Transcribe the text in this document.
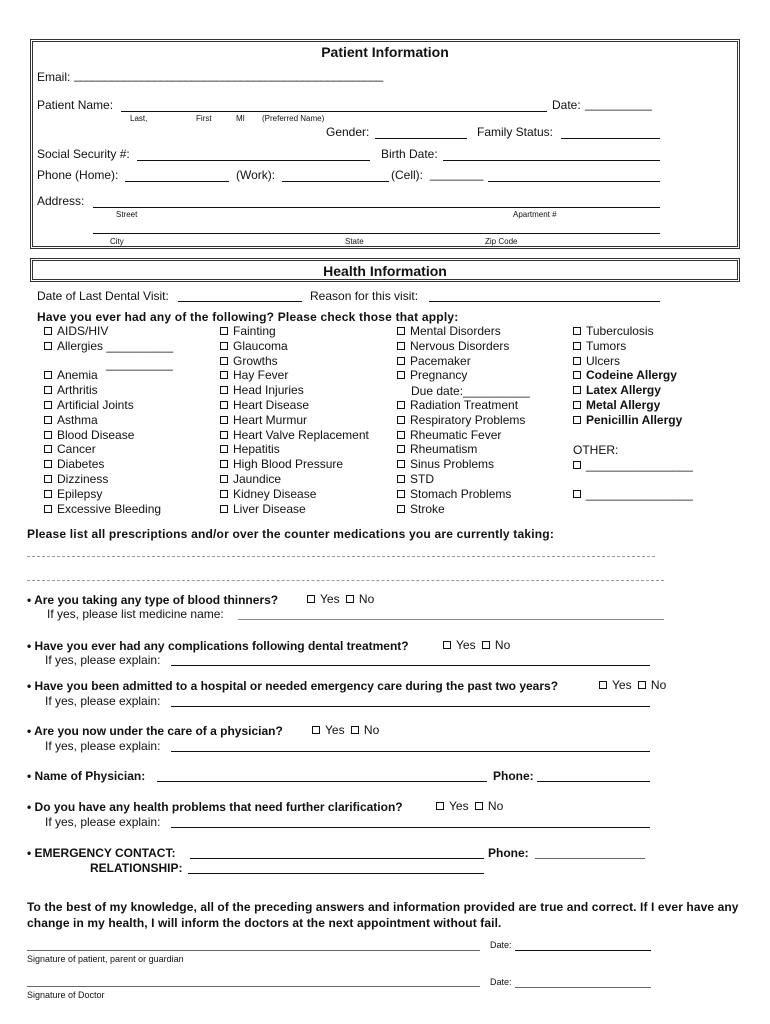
Patient Information
Email: __________________________________________________
Patient Name:
Last,	First	MI (Preferred Name)
Date: __________
Gender:	Family Status:
Social Security #:	Birth Date:
Phone (Home):	(Work):	(Cell): ________
Address:
Street	Apartment #
City	State	Zip Code
Health Information
Date of Last Dental Visit:	Reason for this visit:
Have you ever had any of the following? Please check those that apply:
AIDS/HIV
Allergies __________
Anemia
Arthritis
Artificial Joints
Asthma
Blood Disease
Cancer
Diabetes
Dizziness
Epilepsy
Excessive Bleeding
Fainting
Glaucoma
Growths
Hay Fever
Head Injuries
Heart Disease
Heart Murmur
Heart Valve Replacement
Hepatitis
High Blood Pressure
Jaundice
Kidney Disease
Liver Disease
Mental Disorders
Nervous Disorders
Pacemaker
Pregnancy
Radiation Treatment
Respiratory Problems
Rheumatic Fever
Rheumatism
Sinus Problems
STD
Stomach Problems
Stroke
Tuberculosis
Tumors
Ulcers
Codeine Allergy
Latex Allergy
Metal Allergy
Penicillin Allergy
__________
Due date:__________
OTHER:
________________
________________
Please list all prescriptions and/or over the counter medications you are currently taking:
• Are you taking any type of blood thinners?	Yes No
If yes, please list medicine name:
• Have you ever had any complications following dental treatment?	Yes No
If yes, please explain:
• Have you been admitted to a hospital or needed emergency care during the past two years?	Yes No
If yes, please explain:
• Are you now under the care of a physician?	Yes No
If yes, please explain:
• Name of Physician:	Phone:
• Do you have any health problems that need further clarification?	Yes No
If yes, please explain:
• EMERGENCY CONTACT:	Phone:
RELATIONSHIP:
To the best of my knowledge, all of the preceding answers and information provided are true and correct. If I ever have any change in my health, I will inform the doctors at the next appointment without fail.
Date:
Signature of patient, parent or guardian
Date:
Signature of Doctor
